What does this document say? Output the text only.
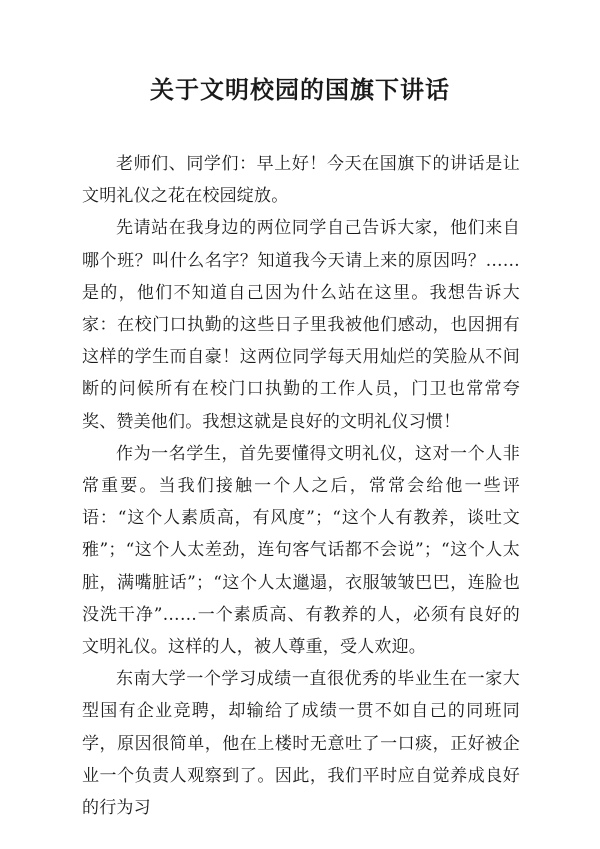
关于文明校园的国旗下讲话

老师们、同学们：早上好！今天在国旗下的讲话是让文明礼仪之花在校园绽放。

先请站在我身边的两位同学自己告诉大家，他们来自哪个班？叫什么名字？知道我今天请上来的原因吗？……是的，他们不知道自己因为什么站在这里。我想告诉大家：在校门口执勤的这些日子里我被他们感动，也因拥有这样的学生而自豪！这两位同学每天用灿烂的笑脸从不间断的问候所有在校门口执勤的工作人员，门卫也常常夸奖、赞美他们。我想这就是良好的文明礼仪习惯！

作为一名学生，首先要懂得文明礼仪，这对一个人非常重要。当我们接触一个人之后，常常会给他一些评语：“这个人素质高，有风度”；“这个人有教养，谈吐文雅”；“这个人太差劲，连句客气话都不会说”；“这个人太脏，满嘴脏话”；“这个人太邋遢，衣服皱皱巴巴，连脸也没洗干净”……一个素质高、有教养的人，必须有良好的文明礼仪。这样的人，被人尊重，受人欢迎。

东南大学一个学习成绩一直很优秀的毕业生在一家大型国有企业竞聘，却输给了成绩一贯不如自己的同班同学，原因很简单，他在上楼时无意吐了一口痰，正好被企业一个负责人观察到了。因此，我们平时应自觉养成良好的行为习
